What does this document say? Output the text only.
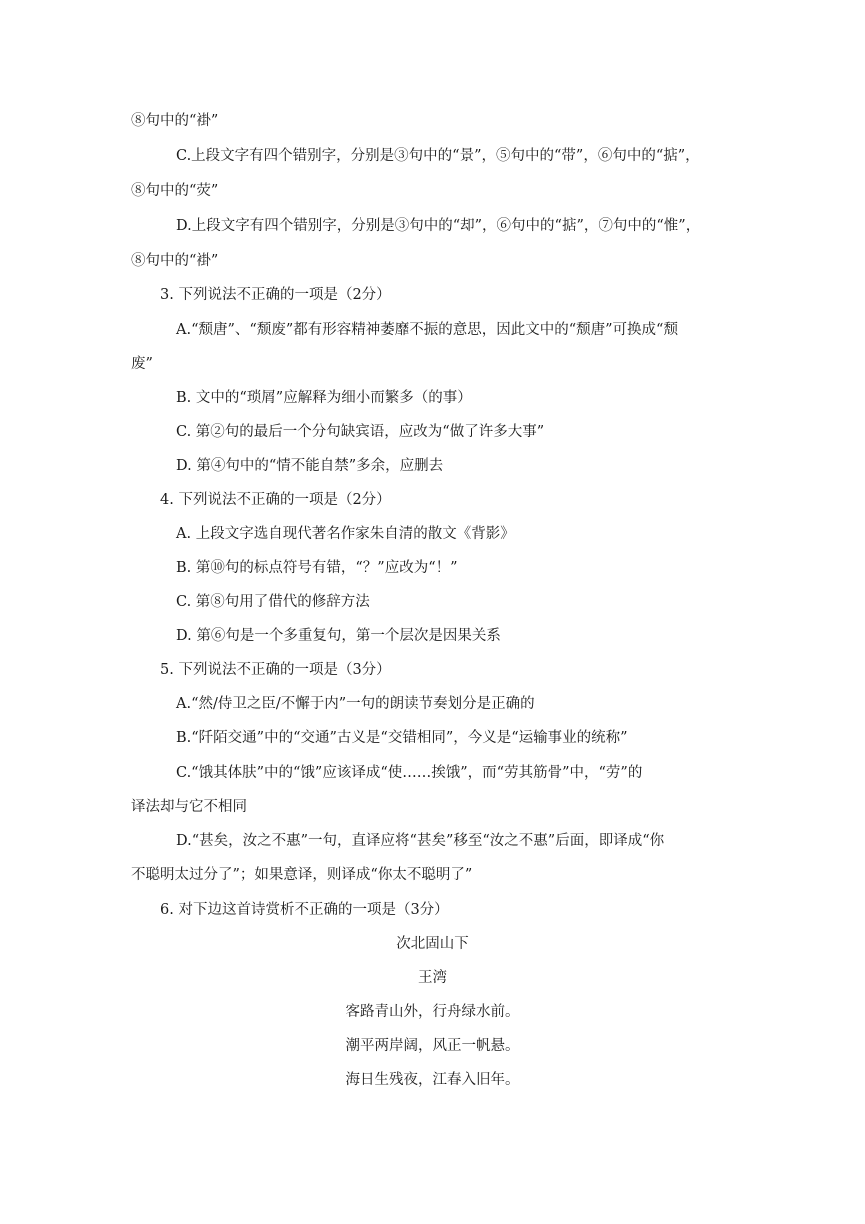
⑧句中的“褂”
C.上段文字有四个错别字，分别是③句中的“景”，⑤句中的“带”，⑥句中的“掂”，
⑧句中的“荧”
D.上段文字有四个错别字，分别是③句中的“却”，⑥句中的“掂”，⑦句中的“惟”，
⑧句中的“褂”
3. 下列说法不正确的一项是（2分）
A.“颓唐”、“颓废”都有形容精神萎靡不振的意思，因此文中的“颓唐”可换成“颓
废”
B. 文中的“琐屑”应解释为细小而繁多（的事）
C. 第②句的最后一个分句缺宾语，应改为“做了许多大事”
D. 第④句中的“情不能自禁”多余，应删去
4. 下列说法不正确的一项是（2分）
A. 上段文字选自现代著名作家朱自清的散文《背影》
B. 第⑩句的标点符号有错，“？”应改为“！”
C. 第⑧句用了借代的修辞方法
D. 第⑥句是一个多重复句，第一个层次是因果关系
5. 下列说法不正确的一项是（3分）
A.“然/侍卫之臣/不懈于内”一句的朗读节奏划分是正确的
B.“阡陌交通”中的“交通”古义是“交错相同”，今义是“运输事业的统称”
C.“饿其体肤”中的“饿”应该译成“使……挨饿”，而“劳其筋骨”中，“劳”的
译法却与它不相同
D.“甚矣，汝之不惠”一句，直译应将“甚矣”移至“汝之不惠”后面，即译成“你
不聪明太过分了”；如果意译，则译成“你太不聪明了”
6. 对下边这首诗赏析不正确的一项是（3分）
次北固山下
王湾
客路青山外，行舟绿水前。
潮平两岸阔，风正一帆悬。
海日生残夜，江春入旧年。
